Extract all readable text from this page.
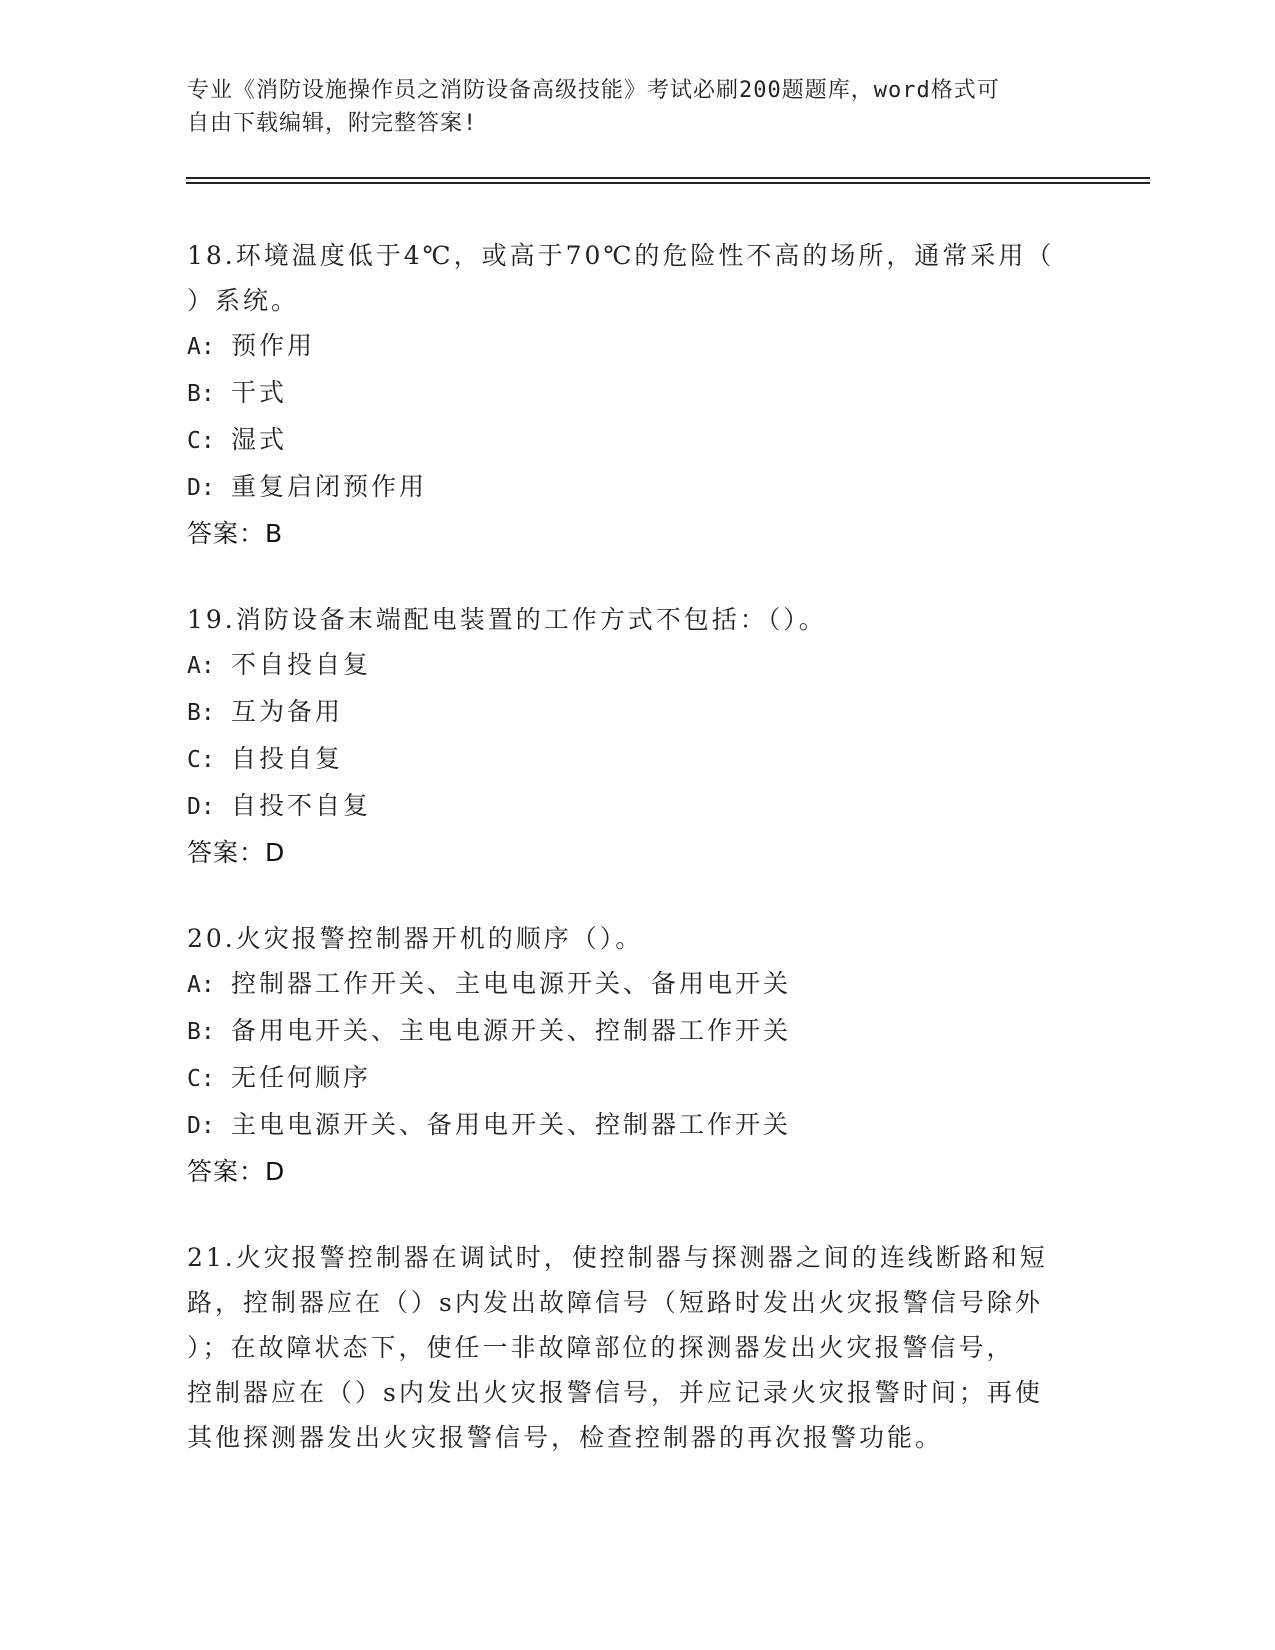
专业《消防设施操作员之消防设备高级技能》考试必刷200题题库，word格式可
自由下载编辑，附完整答案!
18.环境温度低于4℃，或高于70℃的危险性不高的场所，通常采用（
）系统。
A: 预作用
B: 干式
C: 湿式
D: 重复启闭预作用
答案：B
19.消防设备末端配电装置的工作方式不包括：（）。
A: 不自投自复
B: 互为备用
C: 自投自复
D: 自投不自复
答案：D
20.火灾报警控制器开机的顺序（）。
A: 控制器工作开关、主电电源开关、备用电开关
B: 备用电开关、主电电源开关、控制器工作开关
C: 无任何顺序
D: 主电电源开关、备用电开关、控制器工作开关
答案：D
21.火灾报警控制器在调试时，使控制器与探测器之间的连线断路和短
路，控制器应在（）s内发出故障信号（短路时发出火灾报警信号除外
）；在故障状态下，使任一非故障部位的探测器发出火灾报警信号，
控制器应在（）s内发出火灾报警信号，并应记录火灾报警时间；再使
其他探测器发出火灾报警信号，检查控制器的再次报警功能。
